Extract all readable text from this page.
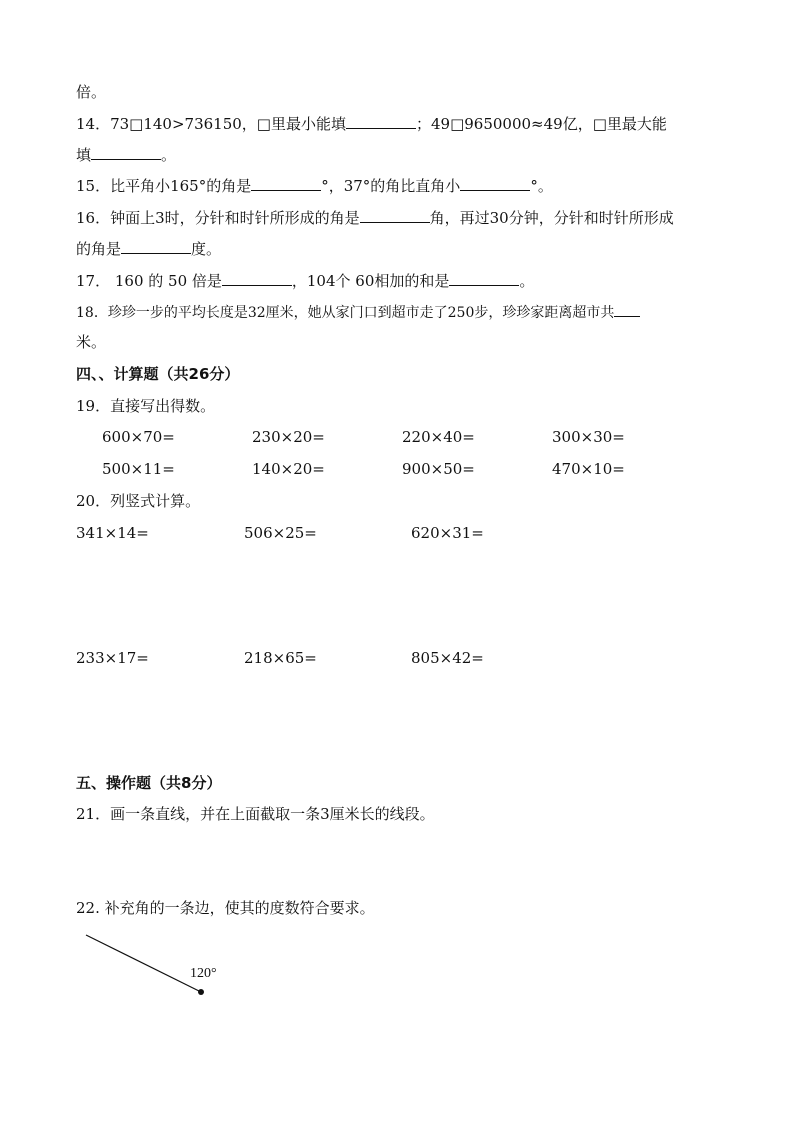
倍。
14．73□140>736150，□里最小能填	；49□9650000≈49亿，□里最大能
填	。
15．比平角小165°的角是	°，37°的角比直角小	°。
16．钟面上3时，分针和时针所形成的角是	角，再过30分钟，分针和时针所形成
的角是	度。
17． 160 的 50 倍是	，104个 60相加的和是	。
18．珍珍一步的平均长度是32厘米，她从家门口到超市走了250步，珍珍家距离超市共
米。
四、、计算题（共26分）
19．直接写出得数。
600×70=	230×20=	220×40=	300×30=
500×11=	140×20=	900×50=	470×10=
20．列竖式计算。
341×14=	506×25=	620×31=
233×17=	218×65=	805×42=
五、操作题（共8分）
21．画一条直线，并在上面截取一条3厘米长的线段。
22. 补充角的一条边，使其的度数符合要求。
120°
